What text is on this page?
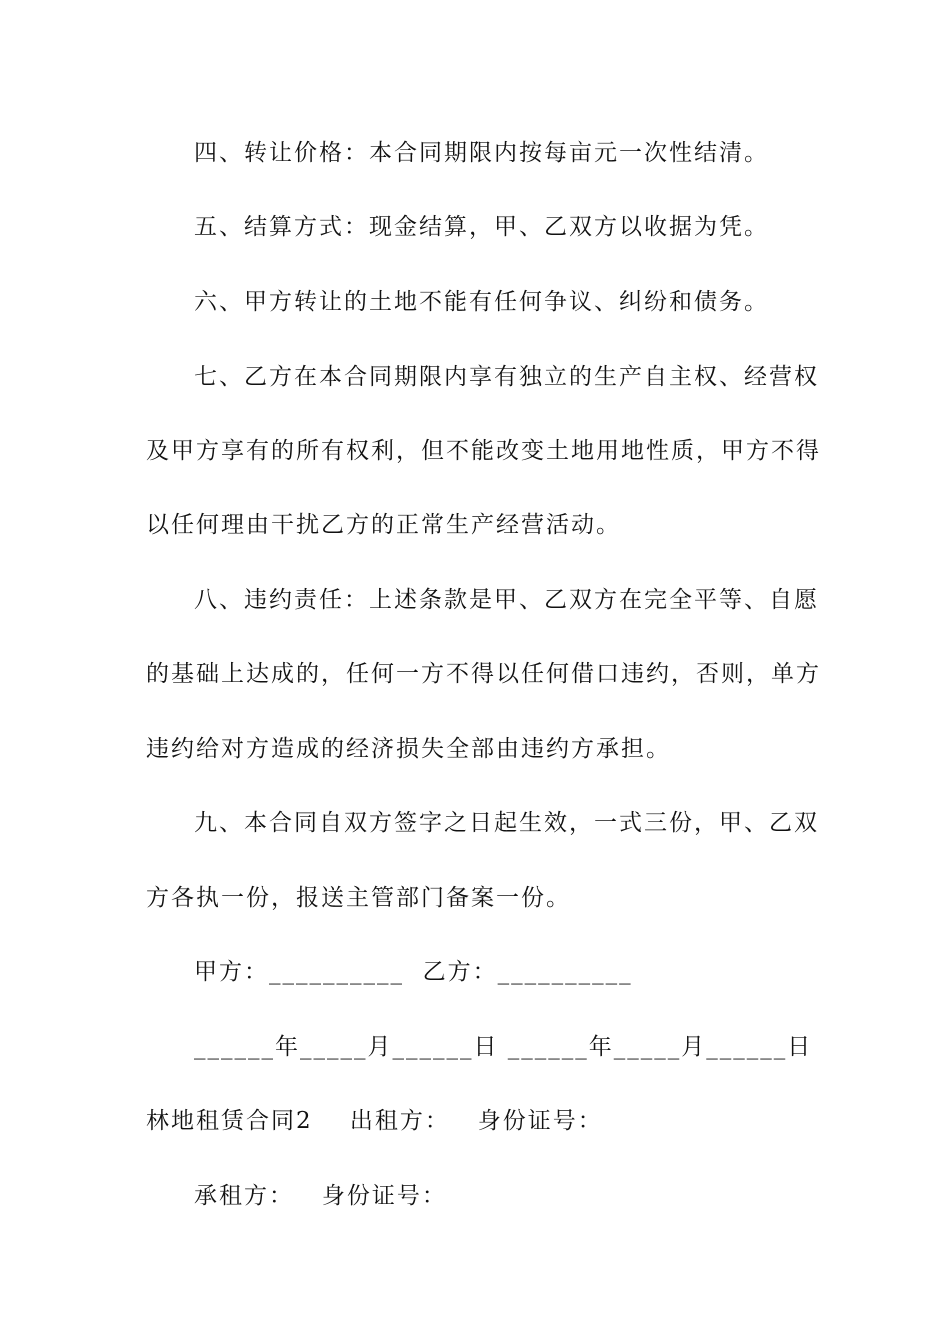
四、转让价格：本合同期限内按每亩元一次性结清。
五、结算方式：现金结算，甲、乙双方以收据为凭。
六、甲方转让的土地不能有任何争议、纠纷和债务。
七、乙方在本合同期限内享有独立的生产自主权、经营权
及甲方享有的所有权利，但不能改变土地用地性质，甲方不得
以任何理由干扰乙方的正常生产经营活动。
八、违约责任：上述条款是甲、乙双方在完全平等、自愿
的基础上达成的，任何一方不得以任何借口违约，否则，单方
违约给对方造成的经济损失全部由违约方承担。
九、本合同自双方签字之日起生效，一式三份，甲、乙双
方各执一份，报送主管部门备案一份。
甲方：__________  乙方：__________
______年_____月______日 ______年_____月______日
林地租赁合同2    出租方：   身份证号：
承租方：   身份证号：
